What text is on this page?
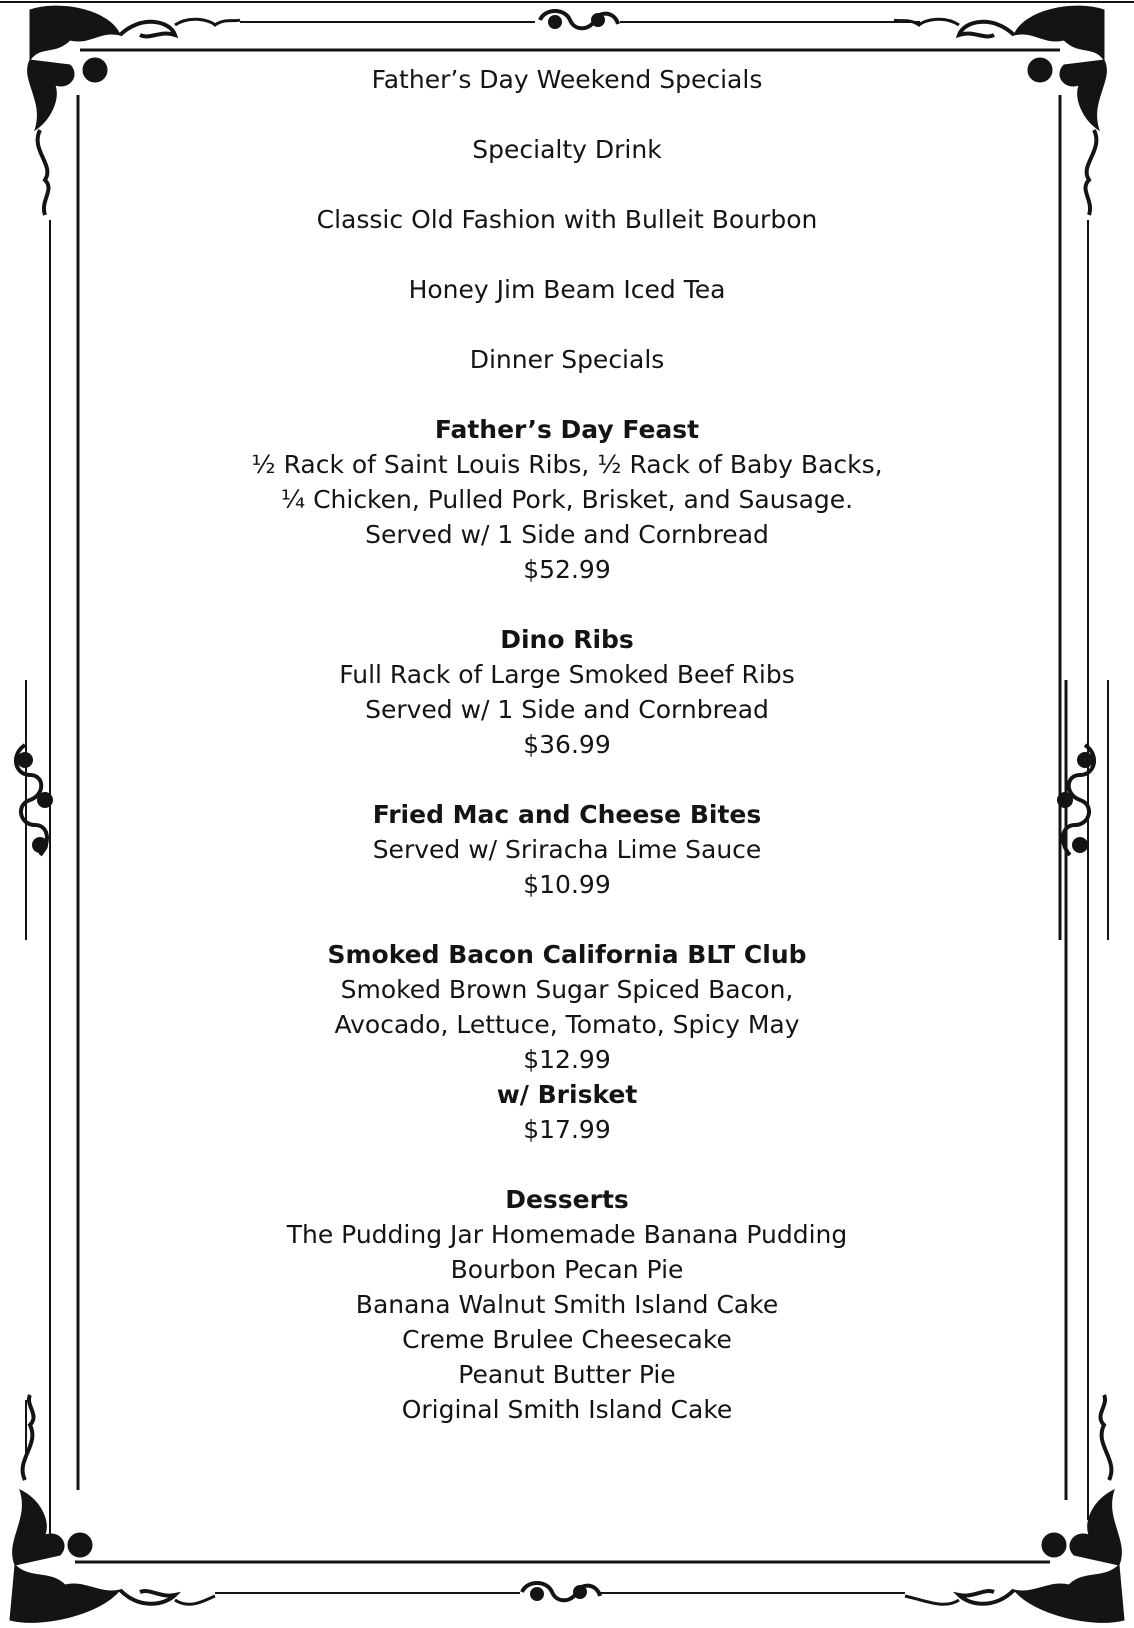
Father’s Day Weekend Specials
Specialty Drink
Classic Old Fashion with Bulleit Bourbon
Honey Jim Beam Iced Tea
Dinner Specials
Father’s Day Feast
½ Rack of Saint Louis Ribs, ½ Rack of Baby Backs,
¼ Chicken, Pulled Pork, Brisket, and Sausage.
Served w/ 1 Side and Cornbread
$52.99
Dino Ribs
Full Rack of Large Smoked Beef Ribs
Served w/ 1 Side and Cornbread
$36.99
Fried Mac and Cheese Bites
Served w/ Sriracha Lime Sauce
$10.99
Smoked Bacon California BLT Club
Smoked Brown Sugar Spiced Bacon,
Avocado, Lettuce, Tomato, Spicy May
$12.99
w/ Brisket
$17.99
Desserts
The Pudding Jar Homemade Banana Pudding
Bourbon Pecan Pie
Banana Walnut Smith Island Cake
Creme Brulee Cheesecake
Peanut Butter Pie
Original Smith Island Cake
